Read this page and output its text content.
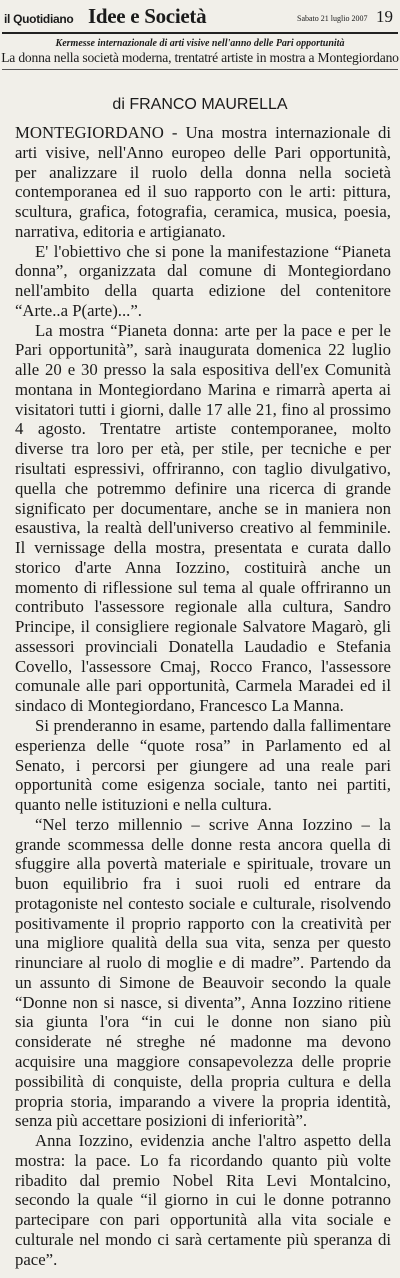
il Quotidiano Idee e Società	Sabato 21 luglio 2007 19
Kermesse internazionale di arti visive nell'anno delle Pari opportunità
La donna nella società moderna, trentatré artiste in mostra a Montegiordano
di FRANCO MAURELLA

MONTEGIORDANO - Una mostra internazionale di arti visive, nell'Anno europeo delle Pari opportunità, per analizzare il ruolo della donna nella società contemporanea ed il suo rapporto con le arti: pittura, scultura, grafica, fotografia, ceramica, musica, poesia, narrativa, editoria e artigianato.

E' l'obiettivo che si pone la manifestazione “Pianeta donna”, organizzata dal comune di Montegiordano nell'ambito della quarta edizione del contenitore “Arte..a P(arte)...”.

La mostra “Pianeta donna: arte per la pace e per le Pari opportunità”, sarà inaugurata domenica 22 luglio alle 20 e 30 presso la sala espositiva dell'ex Comunità montana in Montegiordano Marina e rimarrà aperta ai visitatori tutti i giorni, dalle 17 alle 21, fino al prossimo 4 agosto. Trentatre artiste contemporanee, molto diverse tra loro per età, per stile, per tecniche e per risultati espressivi, offriranno, con taglio divulgativo, quella che potremmo definire una ricerca di grande significato per documentare, anche se in maniera non esaustiva, la realtà dell'universo creativo al femminile. Il vernissage della mostra, presentata e curata dallo storico d'arte Anna Iozzino, costituirà anche un momento di riflessione sul tema al quale offriranno un contributo l'assessore regionale alla cultura, Sandro Principe, il consigliere regionale Salvatore Magarò, gli assessori provinciali Donatella Laudadio e Stefania Covello, l'assessore Cmaj, Rocco Franco, l'assessore comunale alle pari opportunità, Carmela Maradei ed il sindaco di Montegiordano, Francesco La Manna.

Si prenderanno in esame, partendo dalla fallimentare esperienza delle “quote rosa” in Parlamento ed al Senato, i percorsi per giungere ad una reale pari opportunità come esigenza sociale, tanto nei partiti, quanto nelle istituzioni e nella cultura.

“Nel terzo millennio – scrive Anna Iozzino – la grande scommessa delle donne resta ancora quella di sfuggire alla povertà materiale e spirituale, trovare un buon equilibrio fra i suoi ruoli ed entrare da protagoniste nel contesto sociale e culturale, risolvendo positivamente il proprio rapporto con la creatività per una migliore qualità della sua vita, senza per questo rinunciare al ruolo di moglie e di madre”. Partendo da un assunto di Simone de Beauvoir secondo la quale “Donne non si nasce, si diventa”, Anna Iozzino ritiene sia giunta l'ora “in cui le donne non siano più considerate né streghe né madonne ma devono acquisire una maggiore consapevolezza delle proprie possibilità di conquiste, della propria cultura e della propria storia, imparando a vivere la propria identità, senza più accettare posizioni di inferiorità”.

Anna Iozzino, evidenzia anche l'altro aspetto della mostra: la pace. Lo fa ricordando quanto più volte ribadito dal premio Nobel Rita Levi Montalcino, secondo la quale “il giorno in cui le donne potranno partecipare con pari opportunità alla vita sociale e culturale nel mondo ci sarà certamente più speranza di pace”.
